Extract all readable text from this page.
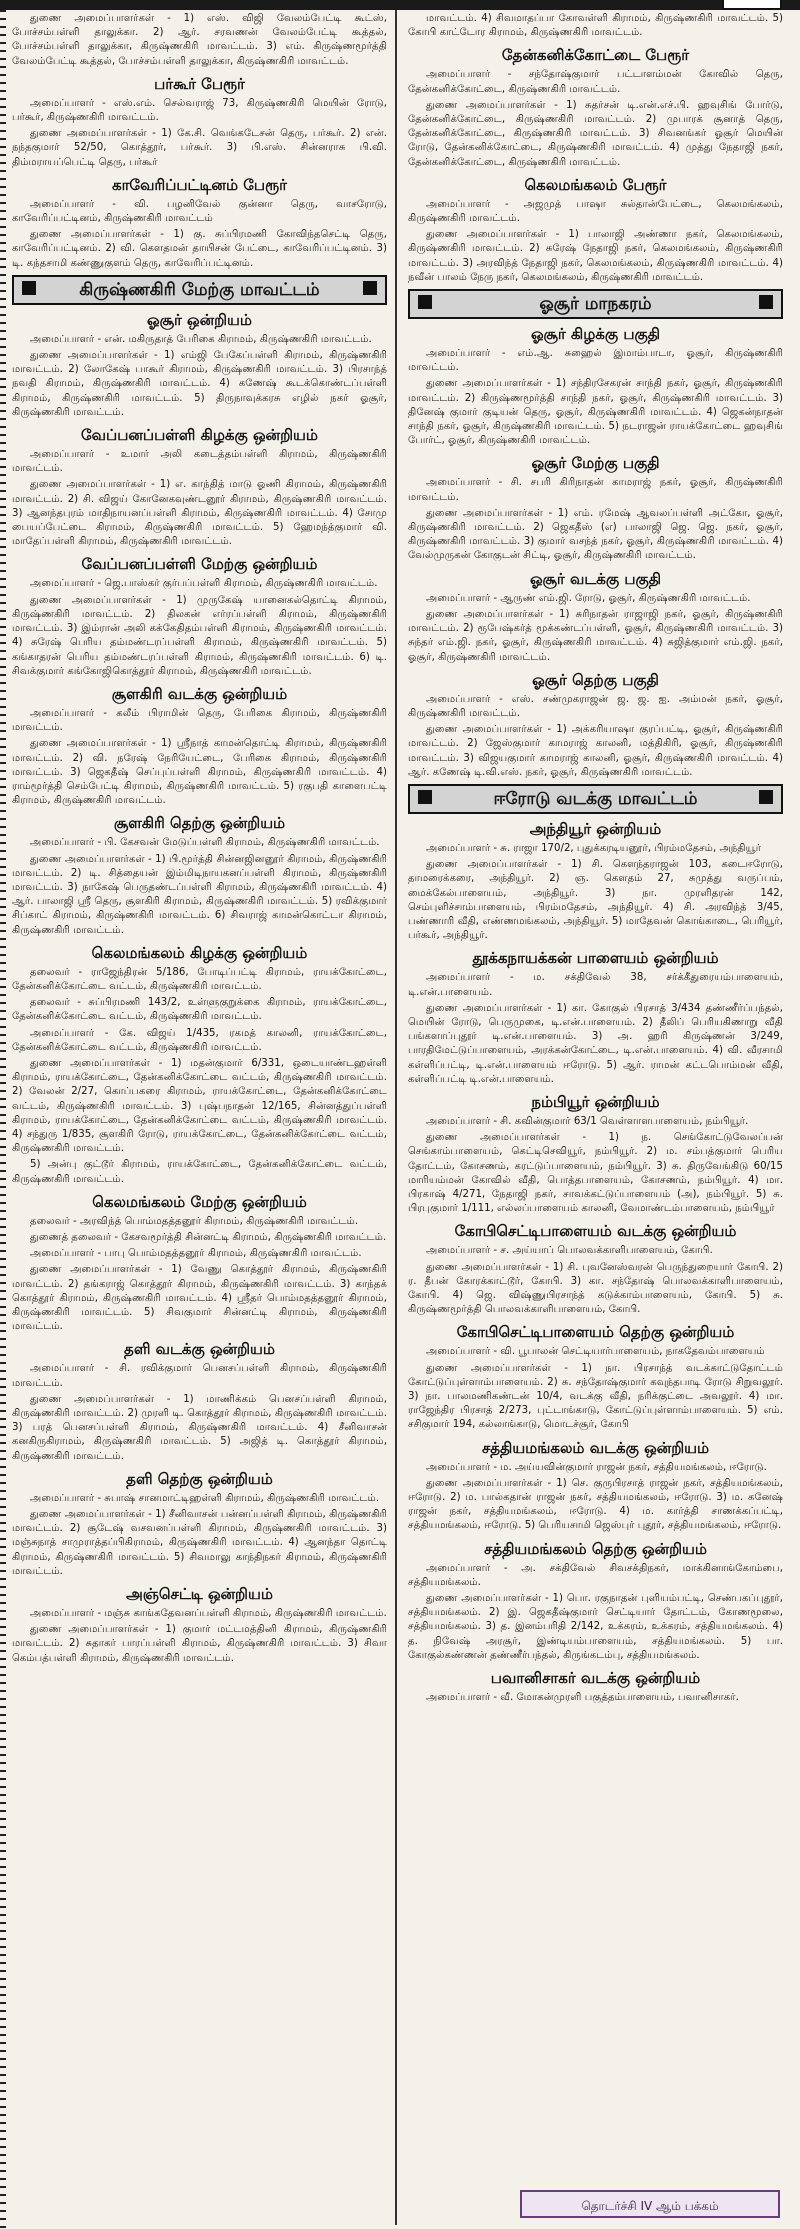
துணை அமைப்பாளர்கள் - 1) எஸ். விஜி வேலம்பேட்டி கூட்ஸ், போச்சம்பள்ளி தாலுக்கா. 2) ஆர். சரவணன் வேலம்பேட்டி கூத்தல், போச்சம்பள்ளி தாலுக்கா, கிருஷ்ணகிரி மாவட்டம். 3) எம். கிருஷ்ணமூர்த்தி வேலம்பேட்டி கூத்தல், போச்சம்பள்ளி தாலுக்கா, கிருஷ்ணகிரி மாவட்டம்.
பர்கூர் பேரூர்
அமைப்பாளர் - எஸ்.எம். செல்வராஜ் 73, கிருஷ்ணகிரி மெயின் ரோடு, பர்கூர், கிருஷ்ணகிரி மாவட்டம்.
துணை அமைப்பாளர்கள் - 1) கே.சி. வெங்கடேசன் தெரு, பர்கூர். 2) என். நந்தகுமார் 52/50, கொத்தூர், பர்கூர். 3) பி.எஸ். சின்னராசு பி.வி. திம்மராயப்பெட்டி தெரு, பர்கூர்
காவேரிப்பட்டினம் பேரூர்
அமைப்பாளர் - வி. பழனிவேல் குன்னா தெரு, வாசரோடு, காவேரிப்பட்டினம், கிருஷ்ணகிரி மாவட்டம்
துணை அமைப்பாளர்கள் - 1) கு. சுப்பிரமணி கோவிந்தசெட்டி தெரு, காவேரிப்பட்டினம். 2) வி. கௌதமன் தாயிசன் பேட்டை, காவேரிப்பட்டினம். 3) டி. கந்தசாமி கண்ணுகுளம் தெரு, காவேரிப்பட்டினம்.
கிருஷ்ணகிரி மேற்கு மாவட்டம்
ஓசூர் ஒன்றியம்
அமைப்பாளர் - என். மகிருதாத் பேரிகை கிராமம், கிருஷ்ணகிரி மாவட்டம்.
துணை அமைப்பாளர்கள் - 1) எம்ஜி பேகேப்பள்ளி கிராமம், கிருஷ்ணகிரி மாவட்டம். 2) லோகேஷ் பாகூர் கிராமம், கிருஷ்ணகிரி மாவட்டம். 3) பிரசாந்த் நவதி கிராமம், கிருஷ்ணகிரி மாவட்டம். 4) கணேஷ் கூடக்கொண்டப்பள்ளி கிராமம், கிருஷ்ணகிரி மாவட்டம். 5) திருநாவுக்கரசு எழில் நகர் ஓசூர், கிருஷ்ணகிரி மாவட்டம்.
வேப்பனப்பள்ளி கிழக்கு ஒன்றியம்
அமைப்பாளர் - உமார் அலி கடைத்தம்பள்ளி கிராமம், கிருஷ்ணகிரி மாவட்டம்.
துணை அமைப்பாளர்கள் - 1) எ. காந்தித் மாடு ஓணி கிராமம், கிருஷ்ணகிரி மாவட்டம். 2) சி. விஜய் கோனேகவுண்டனூர் கிராமம், கிருஷ்ணகிரி மாவட்டம். 3) ஆனந்தபுரம் மாதிநாயனப்பள்ளி கிராமம், கிருஷ்ணகிரி மாவட்டம். 4) சோமு பையப்பேட்டை கிராமம், கிருஷ்ணகிரி மாவட்டம். 5) ஹேமந்த்குமார் வி. மாதேப்பள்ளி கிராமம், கிருஷ்ணகிரி மாவட்டம்.
வேப்பனப்பள்ளி மேற்கு ஒன்றியம்
அமைப்பாளர் - ஜெ.பாஸ்கர் குர்பப்பள்ளி கிராமம், கிருஷ்ணகிரி மாவட்டம்.
துணை அமைப்பாளர்கள் - 1) முருகேஷ் யானைகல்தொட்டி கிராமம், கிருஷ்ணகிரி மாவட்டம். 2) திலகன் எர்ரப்பள்ளி கிராமம், கிருஷ்ணகிரி மாவட்டம். 3) இம்ரான் அலி கக்கேதிதம்பள்ளி கிராமம், கிருஷ்ணகிரி மாவட்டம். 4) சுரேஷ் பெரிய தம்மண்டரப்பள்ளி கிராமம், கிருஷ்ணகிரி மாவட்டம். 5) கங்காதரன் பெரிய தம்மண்டரப்பள்ளி கிராமம், கிருஷ்ணகிரி மாவட்டம். 6) டி. சிவக்குமார் கங்கோஜிகொத்தூர் கிராமம், கிருஷ்ணகிரி மாவட்டம்.
சூளகிரி வடக்கு ஒன்றியம்
அமைப்பாளர் - கலீம் பிராமின் தெரு, பேரிகை கிராமம், கிருஷ்ணகிரி மாவட்டம்.
துணை அமைப்பாளர்கள் - 1) ஸ்ரீநாத் காமன்தொட்டி கிராமம், கிருஷ்ணகிரி மாவட்டம். 2) வி. நரேஷ் நேரியேட்டை, பேரிகை கிராமம், கிருஷ்ணகிரி மாவட்டம். 3) ஜெகதீஷ் செப்புப்பள்ளி கிராமம், கிருஷ்ணகிரி மாவட்டம். 4) ராம்மூர்த்தி செம்பேட்டி கிராமம், கிருஷ்ணகிரி மாவட்டம். 5) ரகுபதி காளைபட்டி கிராமம், கிருஷ்ணகிரி மாவட்டம்.
சூளகிரி தெற்கு ஒன்றியம்
அமைப்பாளர் - பி. கேசவன் மேடுப்பள்ளி கிராமம், கிருஷ்ணகிரி மாவட்டம்.
துணை அமைப்பாளர்கள் - 1) பி.மூர்த்தி சின்னஜினனூர் கிராமம், கிருஷ்ணகிரி மாவட்டம். 2) டி. சித்தையன் இம்மிடிநாயகனப்பள்ளி கிராமம், கிருஷ்ணகிரி மாவட்டம். 3) நாகேஷ் பெருதண்டப்பள்ளி கிராமம், கிருஷ்ணகிரி மாவட்டம். 4) ஆர். பாலாஜி ஸ்ரீ தெரு, சூளகிரி கிராமம், கிருஷ்ணகிரி மாவட்டம். 5) ரவிக்குமார் சிப்காட் கிராமம், கிருஷ்ணகிரி மாவட்டம். 6) சிவராஜ் காமன்கொட்டா கிராமம், கிருஷ்ணகிரி மாவட்டம்.
கெலமங்கலம் கிழக்கு ஒன்றியம்
தலைவர் - ராஜேந்திரன் 5/186, போடிப்பட்டி கிராமம், ராயக்கோட்டை, தேன்கனிக்கோட்டை வட்டம், கிருஷ்ணகிரி மாவட்டம்.
தலைவர் - சுப்பிரமணி 143/2, உள்ளுகுறுக்கை கிராமம், ராயக்கோட்டை, தேன்கனிக்கோட்டை வட்டம், கிருஷ்ணகிரி மாவட்டம்.
அமைப்பாளர் - கே. விஜய் 1/435, ரகமத் காலனி, ராயக்கோட்டை, தேன்கனிக்கோட்டை வட்டம், கிருஷ்ணகிரி மாவட்டம்.
துணை அமைப்பாளர்கள் - 1) மதன்குமார் 6/331, ஒடையாண்டஹள்ளி கிராமம், ராயக்கோட்டை, தேன்கனிக்கோட்டை வட்டம், கிருஷ்ணகிரி மாவட்டம். 2) வேலன் 2/27, கொப்பகரை கிராமம், ராயக்கோட்டை, தேன்கனிக்கோட்டை வட்டம், கிருஷ்ணகிரி மாவட்டம். 3) புஷ்பநாதன் 12/165, சின்னத்துப்பள்ளி கிராமம், ராயக்கோட்டை, தேன்கனிக்கோட்டை வட்டம், கிருஷ்ணகிரி மாவட்டம். 4) சந்துரு 1/835, சூளகிரி ரோடு, ராயக்கோட்டை, தேன்கனிக்கோட்டை வட்டம், கிருஷ்ணகிரி மாவட்டம்.
5) அன்பு குட்டூர் கிராமம், ராயக்கோட்டை, தேன்கனிக்கோட்டை வட்டம், கிருஷ்ணகிரி மாவட்டம்.
கெலமங்கலம் மேற்கு ஒன்றியம்
தலைவர் - அரவிந்த் பொம்மதத்தனூர் கிராமம், கிருஷ்ணகிரி மாவட்டம்.
துணைத் தலைவர் - கேசவமூர்த்தி சின்னட்டி கிராமம், கிருஷ்ணகிரி மாவட்டம்.
அமைப்பாளர் - பாபு பொம்மதத்தனூர் கிராமம், கிருஷ்ணகிரி மாவட்டம்.
துணை அமைப்பாளர்கள் - 1) வேணு கொத்தூர் கிராமம், கிருஷ்ணகிரி மாவட்டம். 2) தங்கராஜ் கொத்தூர் கிராமம், கிருஷ்ணகிரி மாவட்டம். 3) காந்தக் கொத்தூர் கிராமம், கிருஷ்ணகிரி மாவட்டம். 4) ஸ்ரீதர் பொம்மதத்தனூர் கிராமம், கிருஷ்ணகிரி மாவட்டம். 5) சிவகுமார் சின்னட்டி கிராமம், கிருஷ்ணகிரி மாவட்டம்.
தளி வடக்கு ஒன்றியம்
அமைப்பாளர் - சி. ரவிக்குமார் பெனசப்பள்ளி கிராமம், கிருஷ்ணகிரி மாவட்டம்.
துணை அமைப்பாளர்கள் - 1) மாணிக்கம் பெனசப்பள்ளி கிராமம், கிருஷ்ணகிரி மாவட்டம். 2) முரளி டி. கொத்தூர் கிராமம், கிருஷ்ணகிரி மாவட்டம். 3) பரத் பெனசப்பள்ளி கிராமம், கிருஷ்ணகிரி மாவட்டம். 4) சீனிவாசன் கனகிருகிராமம், கிருஷ்ணகிரி மாவட்டம். 5) அஜித் டி. கொத்தூர் கிராமம், கிருஷ்ணகிரி மாவட்டம்.
தளி தெற்கு ஒன்றியம்
அமைப்பாளர் - சுபாஷ் சானமாட்டிஹள்ளி கிராமம், கிருஷ்ணகிரி மாவட்டம்.
துணை அமைப்பாளர்கள் - 1) சீனிவாசன் பன்னப்பள்ளி கிராமம், கிருஷ்ணகிரி மாவட்டம். 2) சூடேஷ் வசவனப்பள்ளி கிராமம், கிருஷ்ணகிரி மாவட்டம். 3) மஞ்சுநாத் சாமுராத்தப்பிகிராமம், கிருஷ்ணகிரி மாவட்டம். 4) ஆனந்தா தொட்டி கிராமம், கிருஷ்ணகிரி மாவட்டம். 5) சிவமாலு காந்திநகர் கிராமம், கிருஷ்ணகிரி மாவட்டம்.
அஞ்செட்டி ஒன்றியம்
அமைப்பாளர் - மஞ்சு காங்கதேவனப்பள்ளி கிராமம், கிருஷ்ணகிரி மாவட்டம்.
துணை அமைப்பாளர்கள் - 1) குமார் மட்டமத்தினி கிராமம், கிருஷ்ணகிரி மாவட்டம். 2) சுதாகர் பாரப்பள்ளி கிராமம், கிருஷ்ணகிரி மாவட்டம். 3) சிவா கெம்பத்பள்ளி கிராமம், கிருஷ்ணகிரி மாவட்டம்.
மாவட்டம். 4) சிவமாதப்பா கோவள்ளி கிராமம், கிருஷ்ணகிரி மாவட்டம். 5) கோபி காட்டோர கிராமம், கிருஷ்ணகிரி மாவட்டம்.
தேன்கனிக்கோட்டை பேரூர்
அமைப்பாளர் - சந்தோஷ்குமார் பட்டாளம்மன் கோவில் தெரு, தேன்கனிக்கோட்டை, கிருஷ்ணகிரி மாவட்டம்.
துணை அமைப்பாளர்கள் - 1) சுதர்சன் டி.என்.எச்.பி. ஹவுசிங் போர்டு, தேன்கனிக்கோட்டை, கிருஷ்ணகிரி மாவட்டம். 2) முபாரக் சூனாத் தெரு, தேன்கனிக்கோட்டை, கிருஷ்ணகிரி மாவட்டம். 3) சிவனங்கர் ஓசூர் மெயின் ரோடு, தேன்கனிக்கோட்டை, கிருஷ்ணகிரி மாவட்டம். 4) முத்து நேதாஜி நகர், தேன்கனிக்கோட்டை, கிருஷ்ணகிரி மாவட்டம்.
கெலமங்கலம் பேரூர்
அமைப்பாளர் - அஜமுத் பாஷா சுல்தான்பேட்டை, கெலமங்கலம், கிருஷ்ணகிரி மாவட்டம்.
துணை அமைப்பாளர்கள் - 1) பாலாஜி அண்ணா நகர், கெலமங்கலம், கிருஷ்ணகிரி மாவட்டம். 2) சுரேஷ் நேதாஜி நகர், கெலமங்கலம், கிருஷ்ணகிரி மாவட்டம். 3) அரவிந்த் நேதாஜி நகர், கெலமங்கலம், கிருஷ்ணகிரி மாவட்டம். 4) நவீன் பாலம் நேரு நகர், கெலமங்கலம், கிருஷ்ணகிரி மாவட்டம்.
ஓசூர் மாநகரம்
ஓசூர் கிழக்கு பகுதி
அமைப்பாளர் - எம்.ஆ. சுஹைல் இமாம்பாடா, ஓசூர், கிருஷ்ணகிரி மாவட்டம்.
துணை அமைப்பாளர்கள் - 1) சந்திரசேகரன் சாந்தி நகர், ஓசூர், கிருஷ்ணகிரி மாவட்டம். 2) கிருஷ்ணமூர்த்தி சாந்தி நகர், ஓசூர், கிருஷ்ணகிரி மாவட்டம். 3) தினேஷ் குமார் குடியன் தெரு, ஓசூர், கிருஷ்ணகிரி மாவட்டம். 4) ஜெகன்நாதன் சாந்தி நகர், ஓசூர், கிருஷ்ணகிரி மாவட்டம். 5) நடராஜன் ராயக்கோட்டை ஹவுசிங் போர்ட், ஓசூர், கிருஷ்ணகிரி மாவட்டம்.
ஓசூர் மேற்கு பகுதி
அமைப்பாளர் - சி. சபரி கிரிநாதன் காமராஜ் நகர், ஓசூர், கிருஷ்ணகிரி மாவட்டம்.
துணை அமைப்பாளர்கள் - 1) எம். ரமேஷ் ஆவலப்பள்ளி அட்கோ, ஓசூர், கிருஷ்ணகிரி மாவட்டம். 2) ஜெகதீஸ் (எ) பாலாஜி ஜெ. ஜெ. நகர், ஓசூர், கிருஷ்ணகிரி மாவட்டம். 3) குமார் வசந்த் நகர், ஓசூர், கிருஷ்ணகிரி மாவட்டம். 4) வேல்முருகன் கோகுடன் சிட்டி, ஓசூர், கிருஷ்ணகிரி மாவட்டம்.
ஓசூர் வடக்கு பகுதி
அமைப்பாளர் - ஆருண் எம்.ஜி. ரோடு, ஓசூர், கிருஷ்ணகிரி மாவட்டம்.
துணை அமைப்பாளர்கள் - 1) சுரிநாதன் ராஜாஜி நகர், ஓசூர், கிருஷ்ணகிரி மாவட்டம். 2) ரூபேஷ்கர்த் மூக்கண்டப்பள்ளி, ஓசூர், கிருஷ்ணகிரி மாவட்டம். 3) சுந்தர் எம்.ஜி. நகர், ஓசூர், கிருஷ்ணகிரி மாவட்டம். 4) சுஜித்குமார் எம்.ஜி. நகர், ஓசூர், கிருஷ்ணகிரி மாவட்டம்.
ஓசூர் தெற்கு பகுதி
அமைப்பாளர் - எஸ். சண்முகராஜன் ஜ. ஜ. ஐ. அம்மன் நகர், ஓசூர், கிருஷ்ணகிரி மாவட்டம்.
துணை அமைப்பாளர்கள் - 1) அக்கரியாஷா குரப்பட்டி, ஓசூர், கிருஷ்ணகிரி மாவட்டம். 2) ஜேஸ்குமார் காமராஜ் காலனி, மத்திகிரி, ஓசூர், கிருஷ்ணகிரி மாவட்டம். 3) விஜயகுமார் காமராஜ் காலனி, ஓசூர், கிருஷ்ணகிரி மாவட்டம். 4) ஆர். கணேஷ் டி.வி.எஸ். நகர், ஓசூர், கிருஷ்ணகிரி மாவட்டம்.
ஈரோடு வடக்கு மாவட்டம்
அந்தியூர் ஒன்றியம்
அமைப்பாளர் - சு. ராஜா 170/2, புதுக்கரடியனூர், பிரம்மதேசம், அந்தியூர்
துணை அமைப்பாளர்கள் - 1) சி. கௌந்தராஜன் 103, கடைஈரோடு, தாமரைக்கரை, அந்தியூர். 2) ஞ. கௌதம் 27, சுமுத்து வருப்பம், மைக்கேல்பாளையம், அந்தியூர். 3) நா. முரளிதரன் 142, செம்புளிச்சாம்பாளையம், பிரம்மதேசம், அந்தியூர். 4) சி. அரவிந்த் 3/45, பண்ணாரி வீதி, எண்ணமங்கலம், அந்தியூர். 5) மாதேவன் கொங்காடை, பெரியூர், பர்கூர், அந்தியூர்.
தூக்கநாயக்கன் பாளையம் ஒன்றியம்
அமைப்பாளர் - ம. சக்திவேல் 38, சர்க்கீதுரையம்பாளையம், டி.என்.பாளையம்.
துணை அமைப்பாளர்கள் - 1) கா. கோகுல் பிரசாத் 3/434 தண்ணீர்ப்பந்தல், மெயின் ரோடு, பெருமுகை, டி.என்.பாளையம். 2) தீலிப் பெரியகிணாறு வீதி பங்களாப்புதூர் டி.என்.பாளையம். 3) அ. ஹரி கிருஷ்ணன் 3/249, பாரதிமேட்டுப்பாளையம், அரக்கன்கோட்டை, டி.என்.பாளையம். 4) வி. வீரசாமி கள்ளிப்பட்டி, டி.என்.பாளையம் ஈரோடு. 5) ஆர். ராமன் கட்டபொம்மன் வீதி, கள்ளிப்பட்டி டி.என்.பாளையம்.
நம்பியூர் ஒன்றியம்
அமைப்பாளர் - சி. கவின்குமார் 63/1 வெள்ளாளபாளையம், நம்பியூர்.
துணை அமைப்பாளர்கள் - 1) ந. செங்கோட்டுவேலப்பன் செங்காம்பாளையம், கெட்டிசெவியூர், நம்பியூர். 2) ம. சம்பத்குமார் பெரிய தோட்டம், கோசணம், கரட்டுப்பாளையம், நம்பியூர். 3) சு. திருவேங்கிடு 60/15 மாரியம்மன் கோவில் வீதி, பொத்தபாளையம், கோசணம், நம்பியூர். 4) மா. பிரகாஷ் 4/271, நேதாஜி நகர், சாவக்கட்டுப்பாளையம் (அ), நம்பியூர். 5) சு. பிரபுகுமார் 1/111, எல்லப்பாளையம் காலனி, வேமாண்டம்பாளையம், நம்பியூர்
கோபிசெட்டிபாளையம் வடக்கு ஒன்றியம்
அமைப்பாளர் - ச. அய்யாப் பொலவக்காளிபாளையம், கோபி.
துணை அமைப்பாளர்கள் - 1) சி. புவனேஸ்வரன் பெருந்துறையார் கோபி. 2) ர. தீபன் கோரக்காட்டூர், கோபி. 3) கா. சந்தோஷ் பொலவக்காளிபாளையம், கோபி. 4) ஜெ. விஷ்ணுபிரசாந்த் கடுக்காம்பாளையம், கோபி. 5) சு. கிருஷ்ணமூர்த்தி பொலவக்காளிபாளையம், கோபி.
கோபிசெட்டிபாளையம் தெற்கு ஒன்றியம்
அமைப்பாளர் - வி. பூபாலன் செட்டியார்பாளையம், நாகதேவம்பாளையம்
துணை அமைப்பாளர்கள் - 1) நா. பிரசாந்த் வடக்காட்டுதோட்டம் கோட்டுப்புள்ளாம்பாளையம். 2) சு. சந்தோஷ்குமார் கவுந்தபாடி ரோடு சிறுவலூர். 3) நா. பாலமணிகண்டன் 10/4, வடக்கு வீதி, நரிக்குட்டை அவலூர். 4) மா. ராஜேந்திர பிரசாத் 2/273, புட்டாங்காடு, கோட்டுப்புள்ளாம்பாளையம். 5) எம். சசிகுமார் 194, கல்லாங்காடு, மொடச்சூர், கோபி
சத்தியமங்கலம் வடக்கு ஒன்றியம்
அமைப்பாளர் - ம. அய்யவின்குமார் ராஜன் நகர், சத்தியமங்கலம், ஈரோடு.
துணை அமைப்பாளர்கள் - 1) செ. குருபிரசாத் ராஜன் நகர், சத்தியமங்கலம், ஈரோடு. 2) ம. பால்கதான் ராஜன் நகர், சத்தியமங்கலம், ஈரோடு. 3) ம. கனேஷ் ராஜன் நகர், சத்தியமங்கலம், ஈரோடு. 4) ம. கார்த்தி சாணக்கப்பட்டி, சத்தியமங்கலம், ஈரோடு. 5) பெரியசாமி ஜெஸ்புர் புதூர், சத்தியமங்கலம், ஈரோடு.
சத்தியமங்கலம் தெற்கு ஒன்றியம்
அமைப்பாளர் - அ. சக்திவேல் சிவசக்திநகர், மாக்கினாங்கோம்பை, சத்தியமங்கலம்.
துணை அமைப்பாளர்கள் - 1) பொ. ரகுநாதன் புளியம்பட்டி, செண்பகப்புதூர், சத்தியமங்கலம். 2) இ. ஜெகதீஷ்குமார் செட்டியார் தோட்டம், கோணமூலை, சத்தியமங்கலம். 3) த. இனம்பரிதி 2/142, உக்கரம், உக்கரம், சத்தியமங்கலம். 4) த. நிவேஷ் அரசூர், இண்டியம்பாளையம், சத்தியமங்கலம். 5) பா. கோகுல்கண்ணன் தண்ணீர்பந்தல், கிருங்கடம்பு, சத்தியமங்கலம்.
பவானிசாகர் வடக்கு ஒன்றியம்
அமைப்பாளர் - வீ. மோகன்முரளி பகுத்தம்பாளையம், பவானிசாகர்.
தொடர்ச்சி IV ஆம் பக்கம்
